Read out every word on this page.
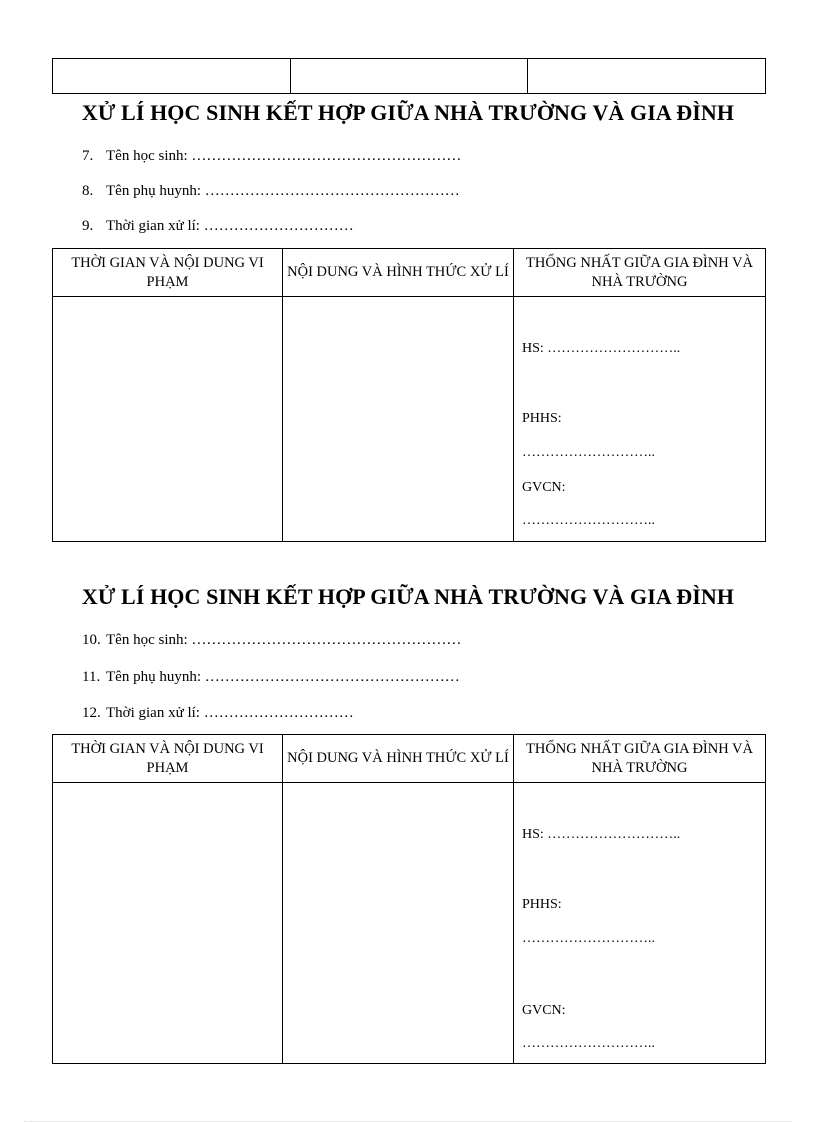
XỬ LÍ HỌC SINH KẾT HỢP GIỮA NHÀ TRƯỜNG VÀ GIA ĐÌNH
7. Tên học sinh: ………………………………………………
8. Tên phụ huynh: ……………………………………………
9. Thời gian xử lí: …………………………
THỜI GIAN VÀ NỘI DUNG VI PHẠM	NỘI DUNG VÀ HÌNH THỨC XỬ LÍ	THỐNG NHẤT GIỮA GIA ĐÌNH VÀ NHÀ TRƯỜNG

		HS: ………………………..
PHHS:
………………………..
GVCN:
………………………..
XỬ LÍ HỌC SINH KẾT HỢP GIỮA NHÀ TRƯỜNG VÀ GIA ĐÌNH
10. Tên học sinh: ………………………………………………
11. Tên phụ huynh: ……………………………………………
12. Thời gian xử lí: …………………………
THỜI GIAN VÀ NỘI DUNG VI PHẠM	NỘI DUNG VÀ HÌNH THỨC XỬ LÍ	THỐNG NHẤT GIỮA GIA ĐÌNH VÀ NHÀ TRƯỜNG

		HS: ………………………..
PHHS:
………………………..
GVCN:
………………………..
